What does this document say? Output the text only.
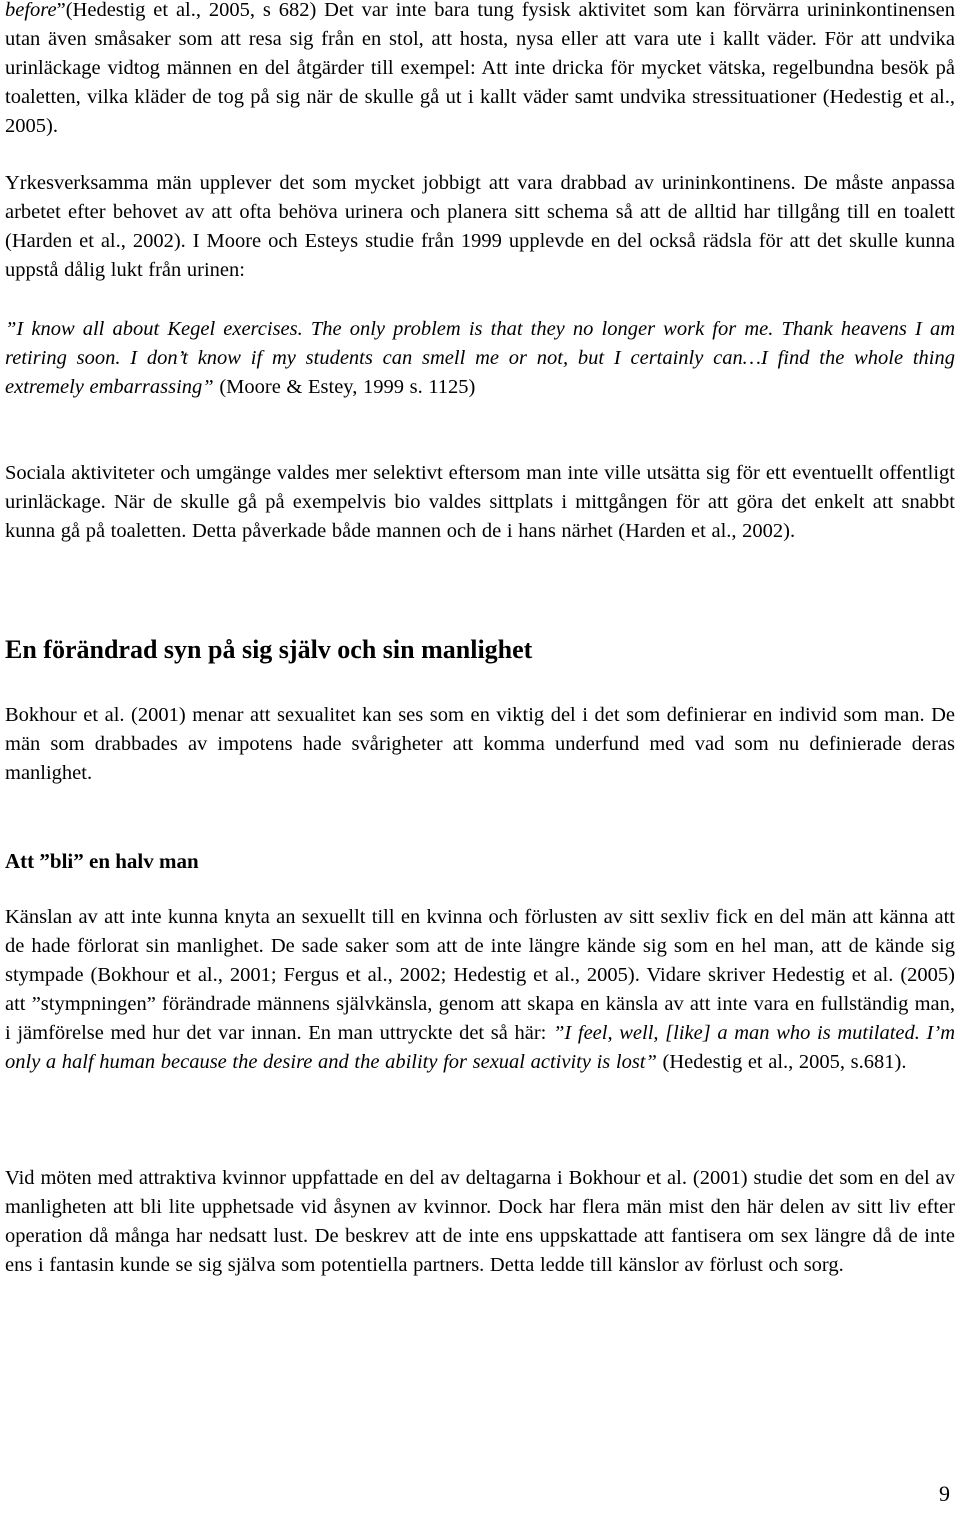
before”(Hedestig et al., 2005, s 682) Det var inte bara tung fysisk aktivitet som kan förvärra urininkontinensen utan även småsaker som att resa sig från en stol, att hosta, nysa eller att vara ute i kallt väder. För att undvika urinläckage vidtog männen en del åtgärder till exempel: Att inte dricka för mycket vätska, regelbundna besök på toaletten, vilka kläder de tog på sig när de skulle gå ut i kallt väder samt undvika stressituationer (Hedestig et al., 2005).

Yrkesverksamma män upplever det som mycket jobbigt att vara drabbad av urininkontinens. De måste anpassa arbetet efter behovet av att ofta behöva urinera och planera sitt schema så att de alltid har tillgång till en toalett (Harden et al., 2002). I Moore och Esteys studie från 1999 upplevde en del också rädsla för att det skulle kunna uppstå dålig lukt från urinen:

”I know all about Kegel exercises. The only problem is that they no longer work for me. Thank heavens I am retiring soon. I don’t know if my students can smell me or not, but I certainly can…I find the whole thing extremely embarrassing” (Moore & Estey, 1999 s. 1125)

Sociala aktiviteter och umgänge valdes mer selektivt eftersom man inte ville utsätta sig för ett eventuellt offentligt urinläckage. När de skulle gå på exempelvis bio valdes sittplats i mittgången för att göra det enkelt att snabbt kunna gå på toaletten. Detta påverkade både mannen och de i hans närhet (Harden et al., 2002).

En förändrad syn på sig själv och sin manlighet

Bokhour et al. (2001) menar att sexualitet kan ses som en viktig del i det som definierar en individ som man. De män som drabbades av impotens hade svårigheter att komma underfund med vad som nu definierade deras manlighet.

Att ”bli” en halv man

Känslan av att inte kunna knyta an sexuellt till en kvinna och förlusten av sitt sexliv fick en del män att känna att de hade förlorat sin manlighet. De sade saker som att de inte längre kände sig som en hel man, att de kände sig stympade (Bokhour et al., 2001; Fergus et al., 2002; Hedestig et al., 2005). Vidare skriver Hedestig et al. (2005) att ”stympningen” förändrade männens självkänsla, genom att skapa en känsla av att inte vara en fullständig man, i jämförelse med hur det var innan. En man uttryckte det så här: ”I feel, well, [like] a man who is mutilated. I’m only a half human because the desire and the ability for sexual activity is lost” (Hedestig et al., 2005, s.681).

Vid möten med attraktiva kvinnor uppfattade en del av deltagarna i Bokhour et al. (2001) studie det som en del av manligheten att bli lite upphetsade vid åsynen av kvinnor. Dock har flera män mist den här delen av sitt liv efter operation då många har nedsatt lust. De beskrev att de inte ens uppskattade att fantisera om sex längre då de inte ens i fantasin kunde se sig själva som potentiella partners. Detta ledde till känslor av förlust och sorg.

9
